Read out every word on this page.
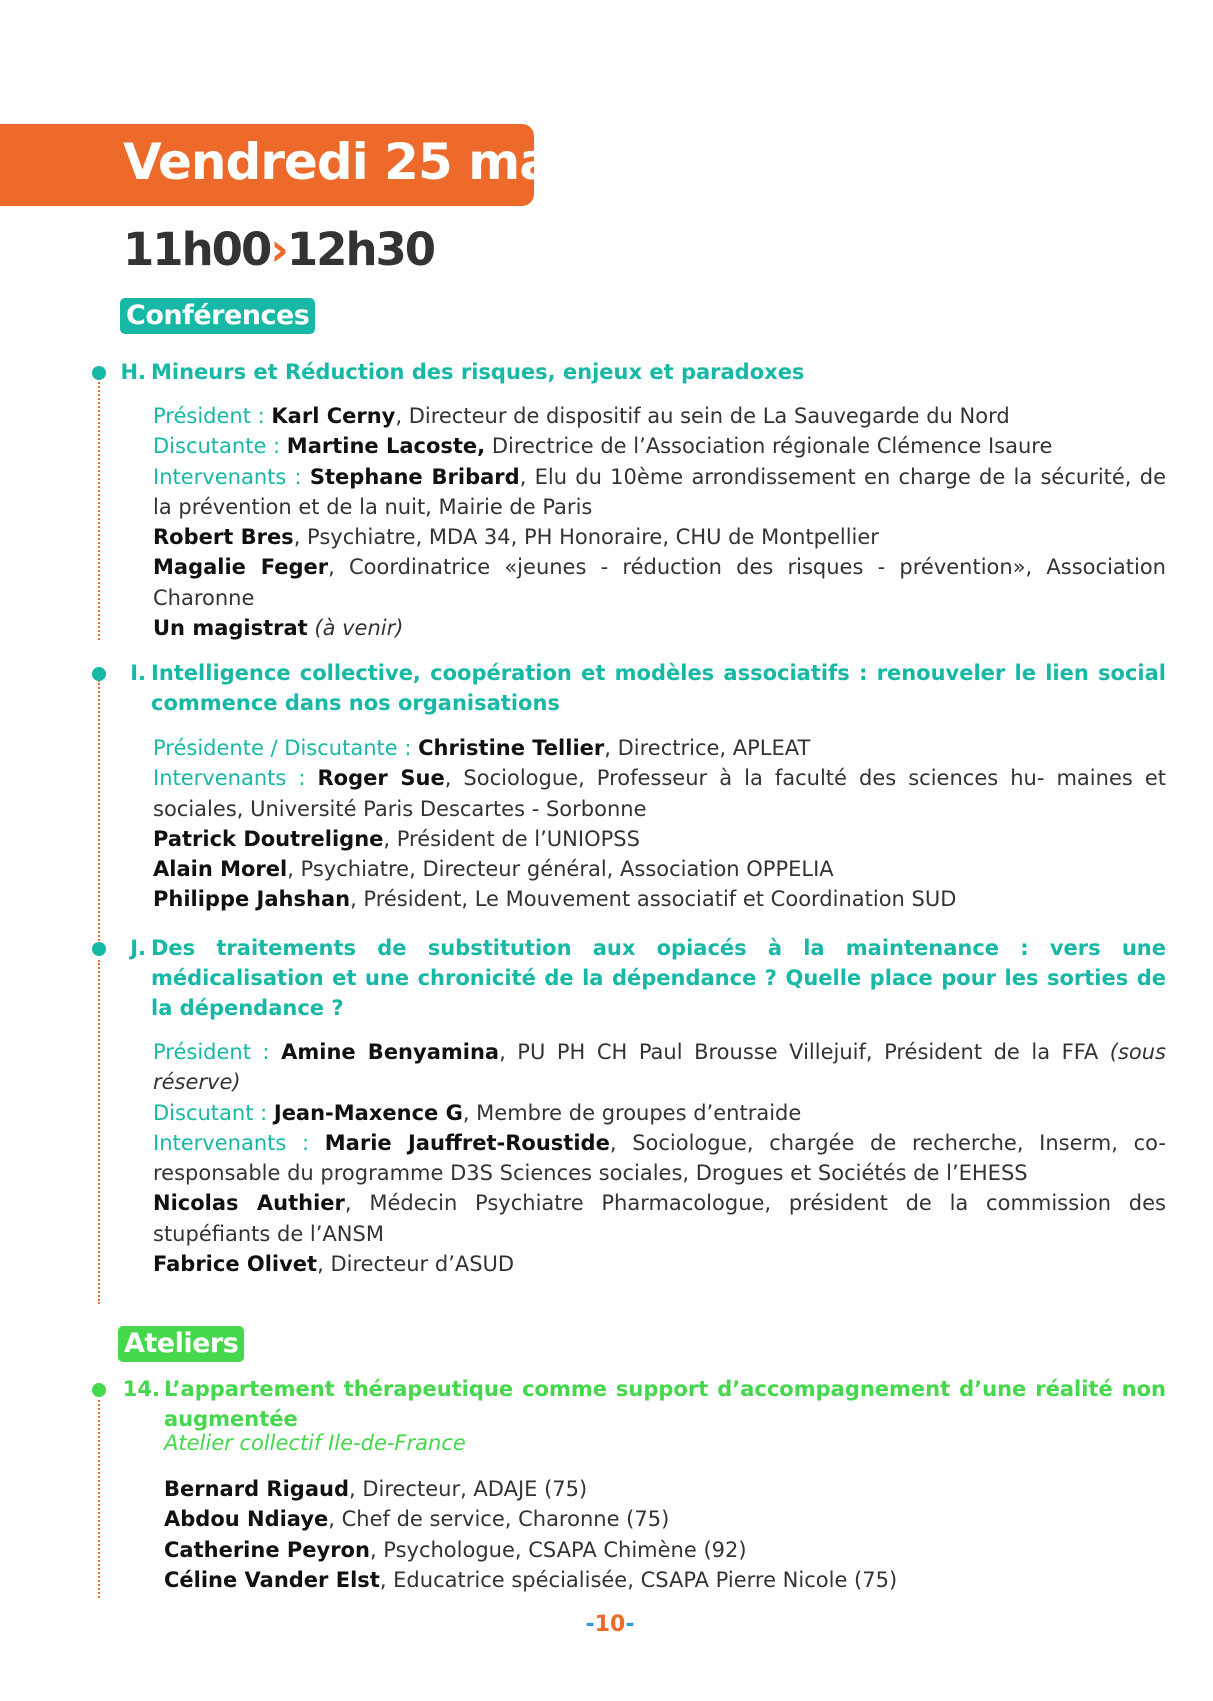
Vendredi 25 mai
11h00›12h30
Conférences
H. Mineurs et Réduction des risques, enjeux et paradoxes

Président : Karl Cerny, Directeur de dispositif au sein de La Sauvegarde du Nord

Discutante : Martine Lacoste, Directrice de l’Association régionale Clémence Isaure

Intervenants : Stephane Bribard, Elu du 10ème arrondissement en charge de la sécurité, de la prévention et de la nuit, Mairie de Paris

Robert Bres, Psychiatre, MDA 34, PH Honoraire, CHU de Montpellier

Magalie Feger, Coordinatrice «jeunes - réduction des risques - prévention», Association Charonne

Un magistrat (à venir)

I. Intelligence collective, coopération et modèles associatifs : renouveler le lien social commence dans nos organisations

Présidente / Discutante : Christine Tellier, Directrice, APLEAT

Intervenants : Roger Sue, Sociologue, Professeur à la faculté des sciences hu- maines et sociales, Université Paris Descartes - Sorbonne

Patrick Doutreligne, Président de l’UNIOPSS

Alain Morel, Psychiatre, Directeur général, Association OPPELIA

Philippe Jahshan, Président, Le Mouvement associatif et Coordination SUD

J. Des traitements de substitution aux opiacés à la maintenance : vers une médicalisation et une chronicité de la dépendance ? Quelle place pour les sorties de la dépendance ?

Président : Amine Benyamina, PU PH CH Paul Brousse Villejuif, Président de la FFA (sous réserve)

Discutant : Jean-Maxence G, Membre de groupes d’entraide

Intervenants : Marie Jauffret-Roustide, Sociologue, chargée de recherche, Inserm, co-responsable du programme D3S Sciences sociales, Drogues et Sociétés de l’EHESS

Nicolas Authier, Médecin Psychiatre Pharmacologue, président de la commission des stupéfiants de l’ANSM

Fabrice Olivet, Directeur d’ASUD

Ateliers
14. L’appartement thérapeutique comme support d’accompagnement d’une réalité non augmentée
Atelier collectif Ile-de-France

Bernard Rigaud, Directeur, ADAJE (75)

Abdou Ndiaye, Chef de service, Charonne (75)

Catherine Peyron, Psychologue, CSAPA Chimène (92)

Céline Vander Elst, Educatrice spécialisée, CSAPA Pierre Nicole (75)

-10-
